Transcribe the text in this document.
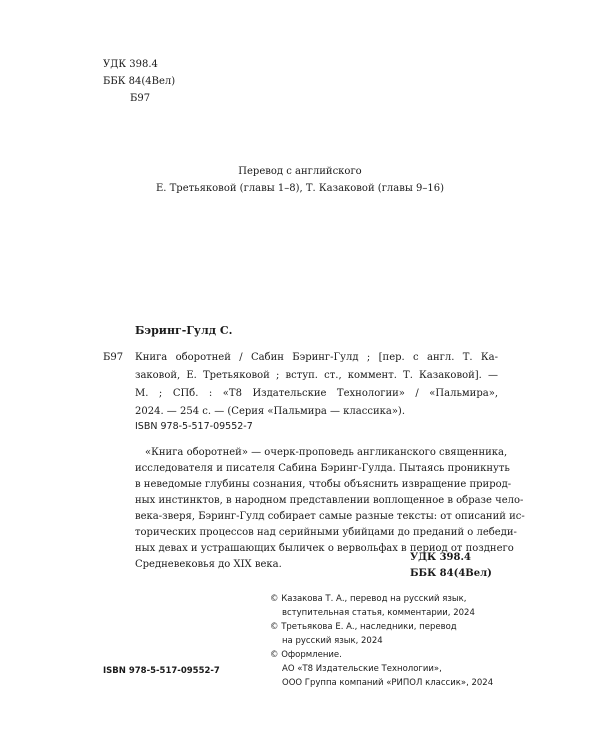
УДК 398.4
ББК 84(4Вел)
Б97
Перевод с английского
Е. Третьяковой (главы 1–8), Т. Казаковой (главы 9–16)
Бэринг-Гулд С.
Б97 Книга оборотней / Сабин Бэринг-Гулд ; [пер. с англ. Т. Ка-
заковой, Е. Третьяковой ; вступ. ст., коммент. Т. Казаковой]. —
М. ; СПб. : «Т8 Издательские Технологии» / «Пальмира»,
2024. — 254 с. — (Серия «Пальмира — классика»).
ISBN 978-5-517-09552-7
«Книга оборотней» — очерк-проповедь англиканского священника,
исследователя и писателя Сабина Бэринг-Гулда. Пытаясь проникнуть
в неведомые глубины сознания, чтобы объяснить извращение природ-
ных инстинктов, в народном представлении воплощенное в образе чело-
века-зверя, Бэринг-Гулд собирает самые разные тексты: от описаний ис-
торических процессов над серийными убийцами до преданий о лебеди-
ных девах и устрашающих быличек о вервольфах в период от позднего
Средневековья до XIX века.
УДК 398.4
ББК 84(4Вел)
© Казакова Т. А., перевод на русский язык,
вступительная статья, комментарии, 2024
© Третьякова Е. А., наследники, перевод
на русский язык, 2024
© Оформление.
АО «Т8 Издательские Технологии»,
ООО Группа компаний «РИПОЛ классик», 2024
ISBN 978-5-517-09552-7
